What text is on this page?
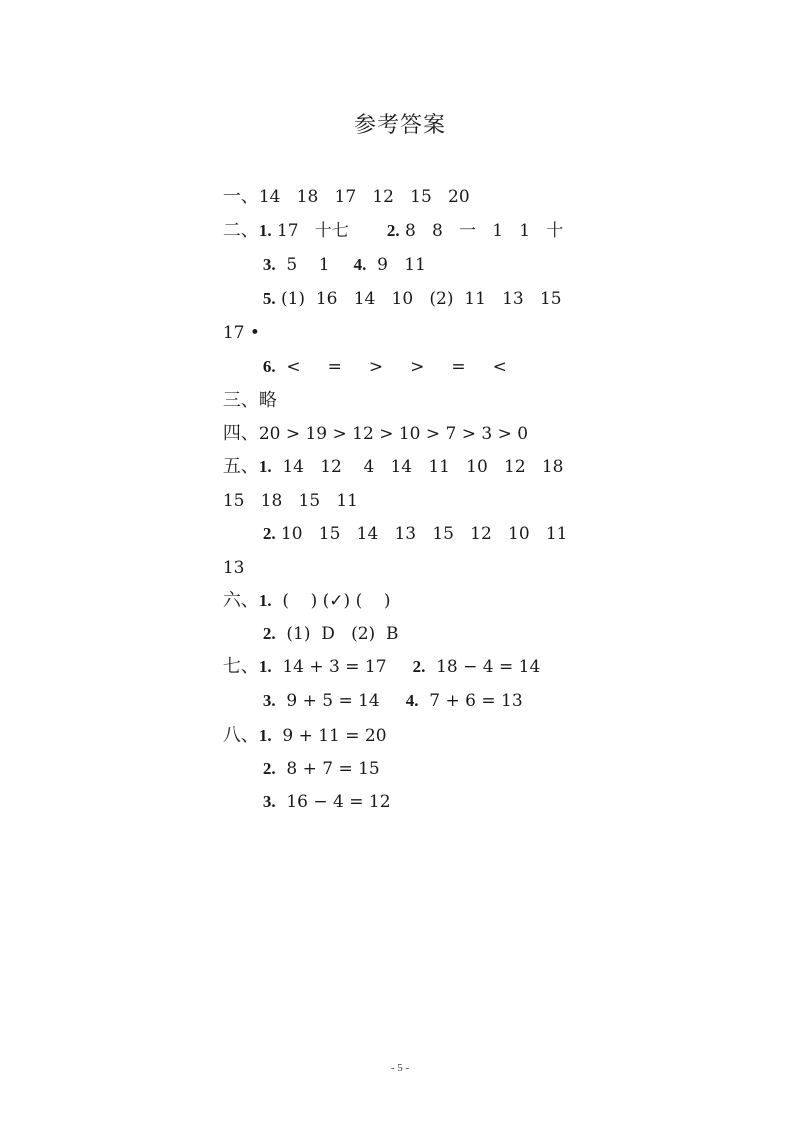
参考答案

一、14   18   17   12   15   20

二、1. 17   十七 2. 8   8   一   1   1   十

3.  5    1 4.  9   11

5. (1)  16   14   10   (2)  11   13   15

17 •

6.  <     =     >     >     =     <

三、略

四、20 > 19 > 12 > 10 > 7 > 3 > 0

五、1.  14   12    4   14   11   10   12   18

15   18   15   11

2. 10   15   14   13   15   12   10   11

13

六、1.  (    ) (✓) (    )

2.  (1)  D   (2)  B

七、1.  14 + 3 = 17 2.  18 − 4 = 14

3.  9 + 5 = 14 4.  7 + 6 = 13

八、1.  9 + 11 = 20

2.  8 + 7 = 15

3.  16 − 4 = 12

- 5 -
